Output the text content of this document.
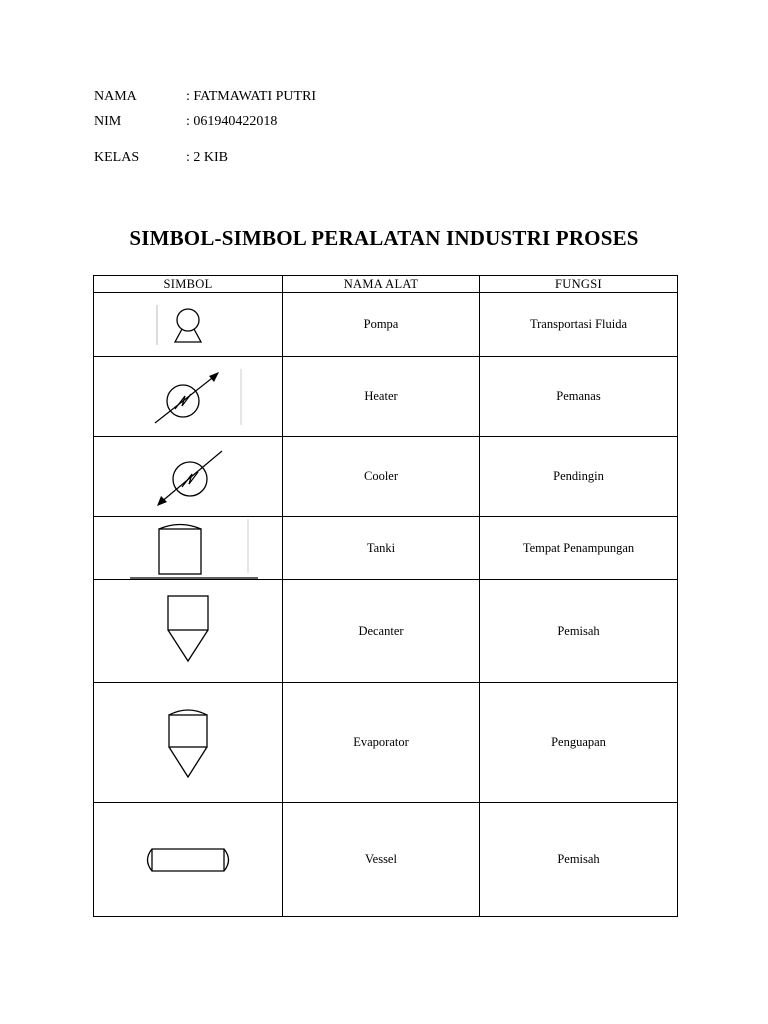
NAMA	: FATMAWATI PUTRI
NIM	: 061940422018
KELAS	: 2 KIB
SIMBOL-SIMBOL PERALATAN INDUSTRI PROSES
SIMBOL	NAMA ALAT	FUNGSI

	Pompa	Transportasi Fluida

	Heater	Pemanas

	Cooler	Pendingin

	Tanki	Tempat Penampungan

	Decanter	Pemisah

	Evaporator	Penguapan

	Vessel	Pemisah
